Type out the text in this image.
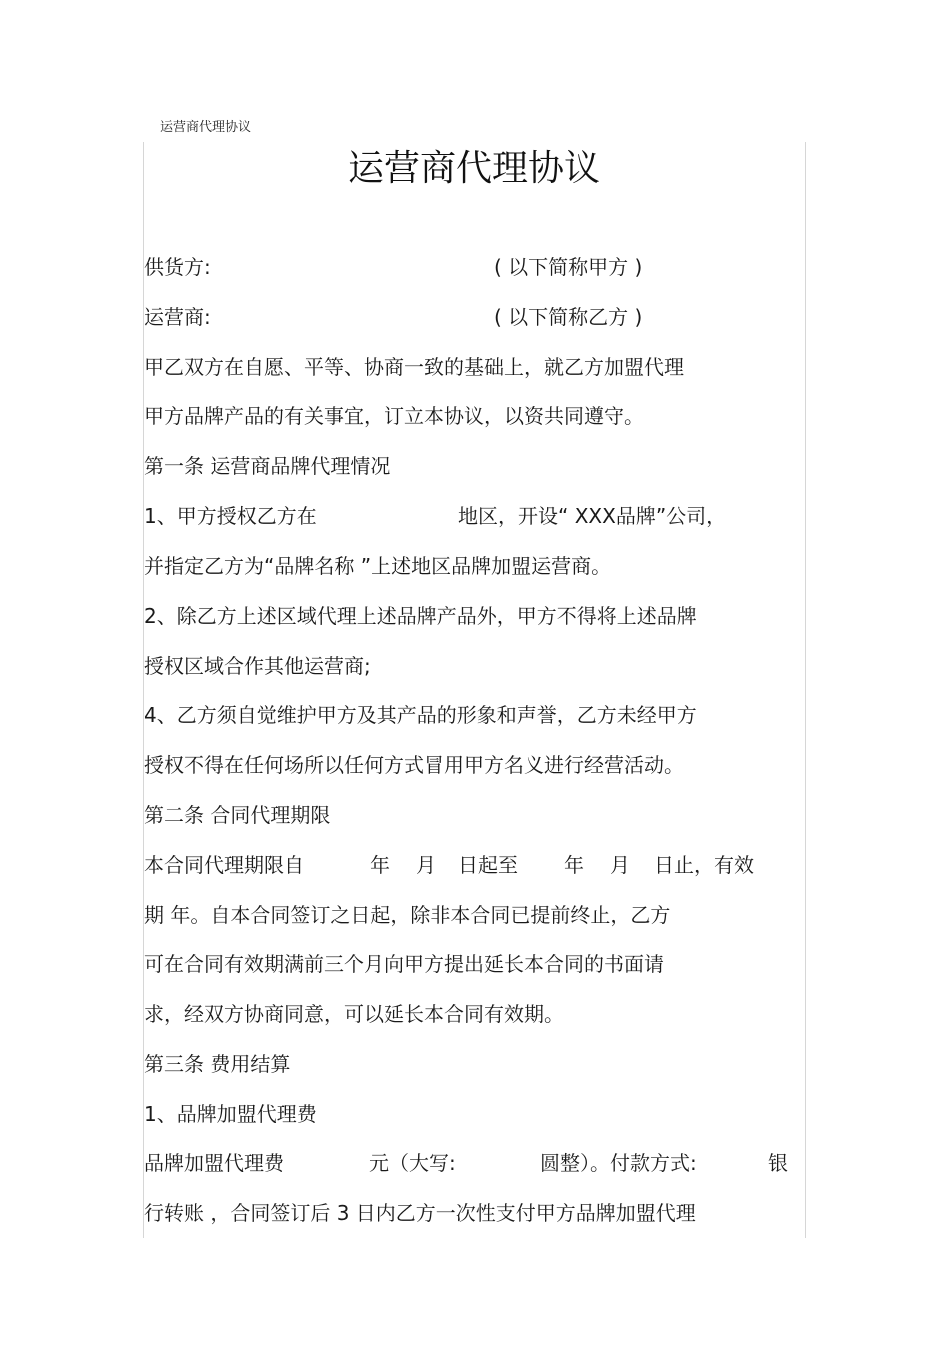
运营商代理协议
运营商代理协议
供货方:	( 以下简称甲方 )
运营商:	( 以下简称乙方 )
甲乙双方在自愿、平等、协商一致的基础上，就乙方加盟代理
甲方品牌产品的有关事宜，订立本协议，以资共同遵守。
第一条 运营商品牌代理情况
1、甲方授权乙方在	地区，开设“ XXX品牌”公司，
并指定乙方为“品牌名称 ”上述地区品牌加盟运营商。
2、除乙方上述区域代理上述品牌产品外，甲方不得将上述品牌
授权区域合作其他运营商;
4、乙方须自觉维护甲方及其产品的形象和声誉，乙方未经甲方
授权不得在任何场所以任何方式冒用甲方名义进行经营活动。
第二条 合同代理期限
本合同代理期限自	年 月 日起至 年 月 日止，有效
期 年。自本合同签订之日起，除非本合同已提前终止，乙方
可在合同有效期满前三个月向甲方提出延长本合同的书面请
求，经双方协商同意，可以延长本合同有效期。
第三条 费用结算
1、品牌加盟代理费
品牌加盟代理费	元（大写:	圆整）。付款方式:	银
行转账 ，合同签订后 3 日内乙方一次性支付甲方品牌加盟代理
